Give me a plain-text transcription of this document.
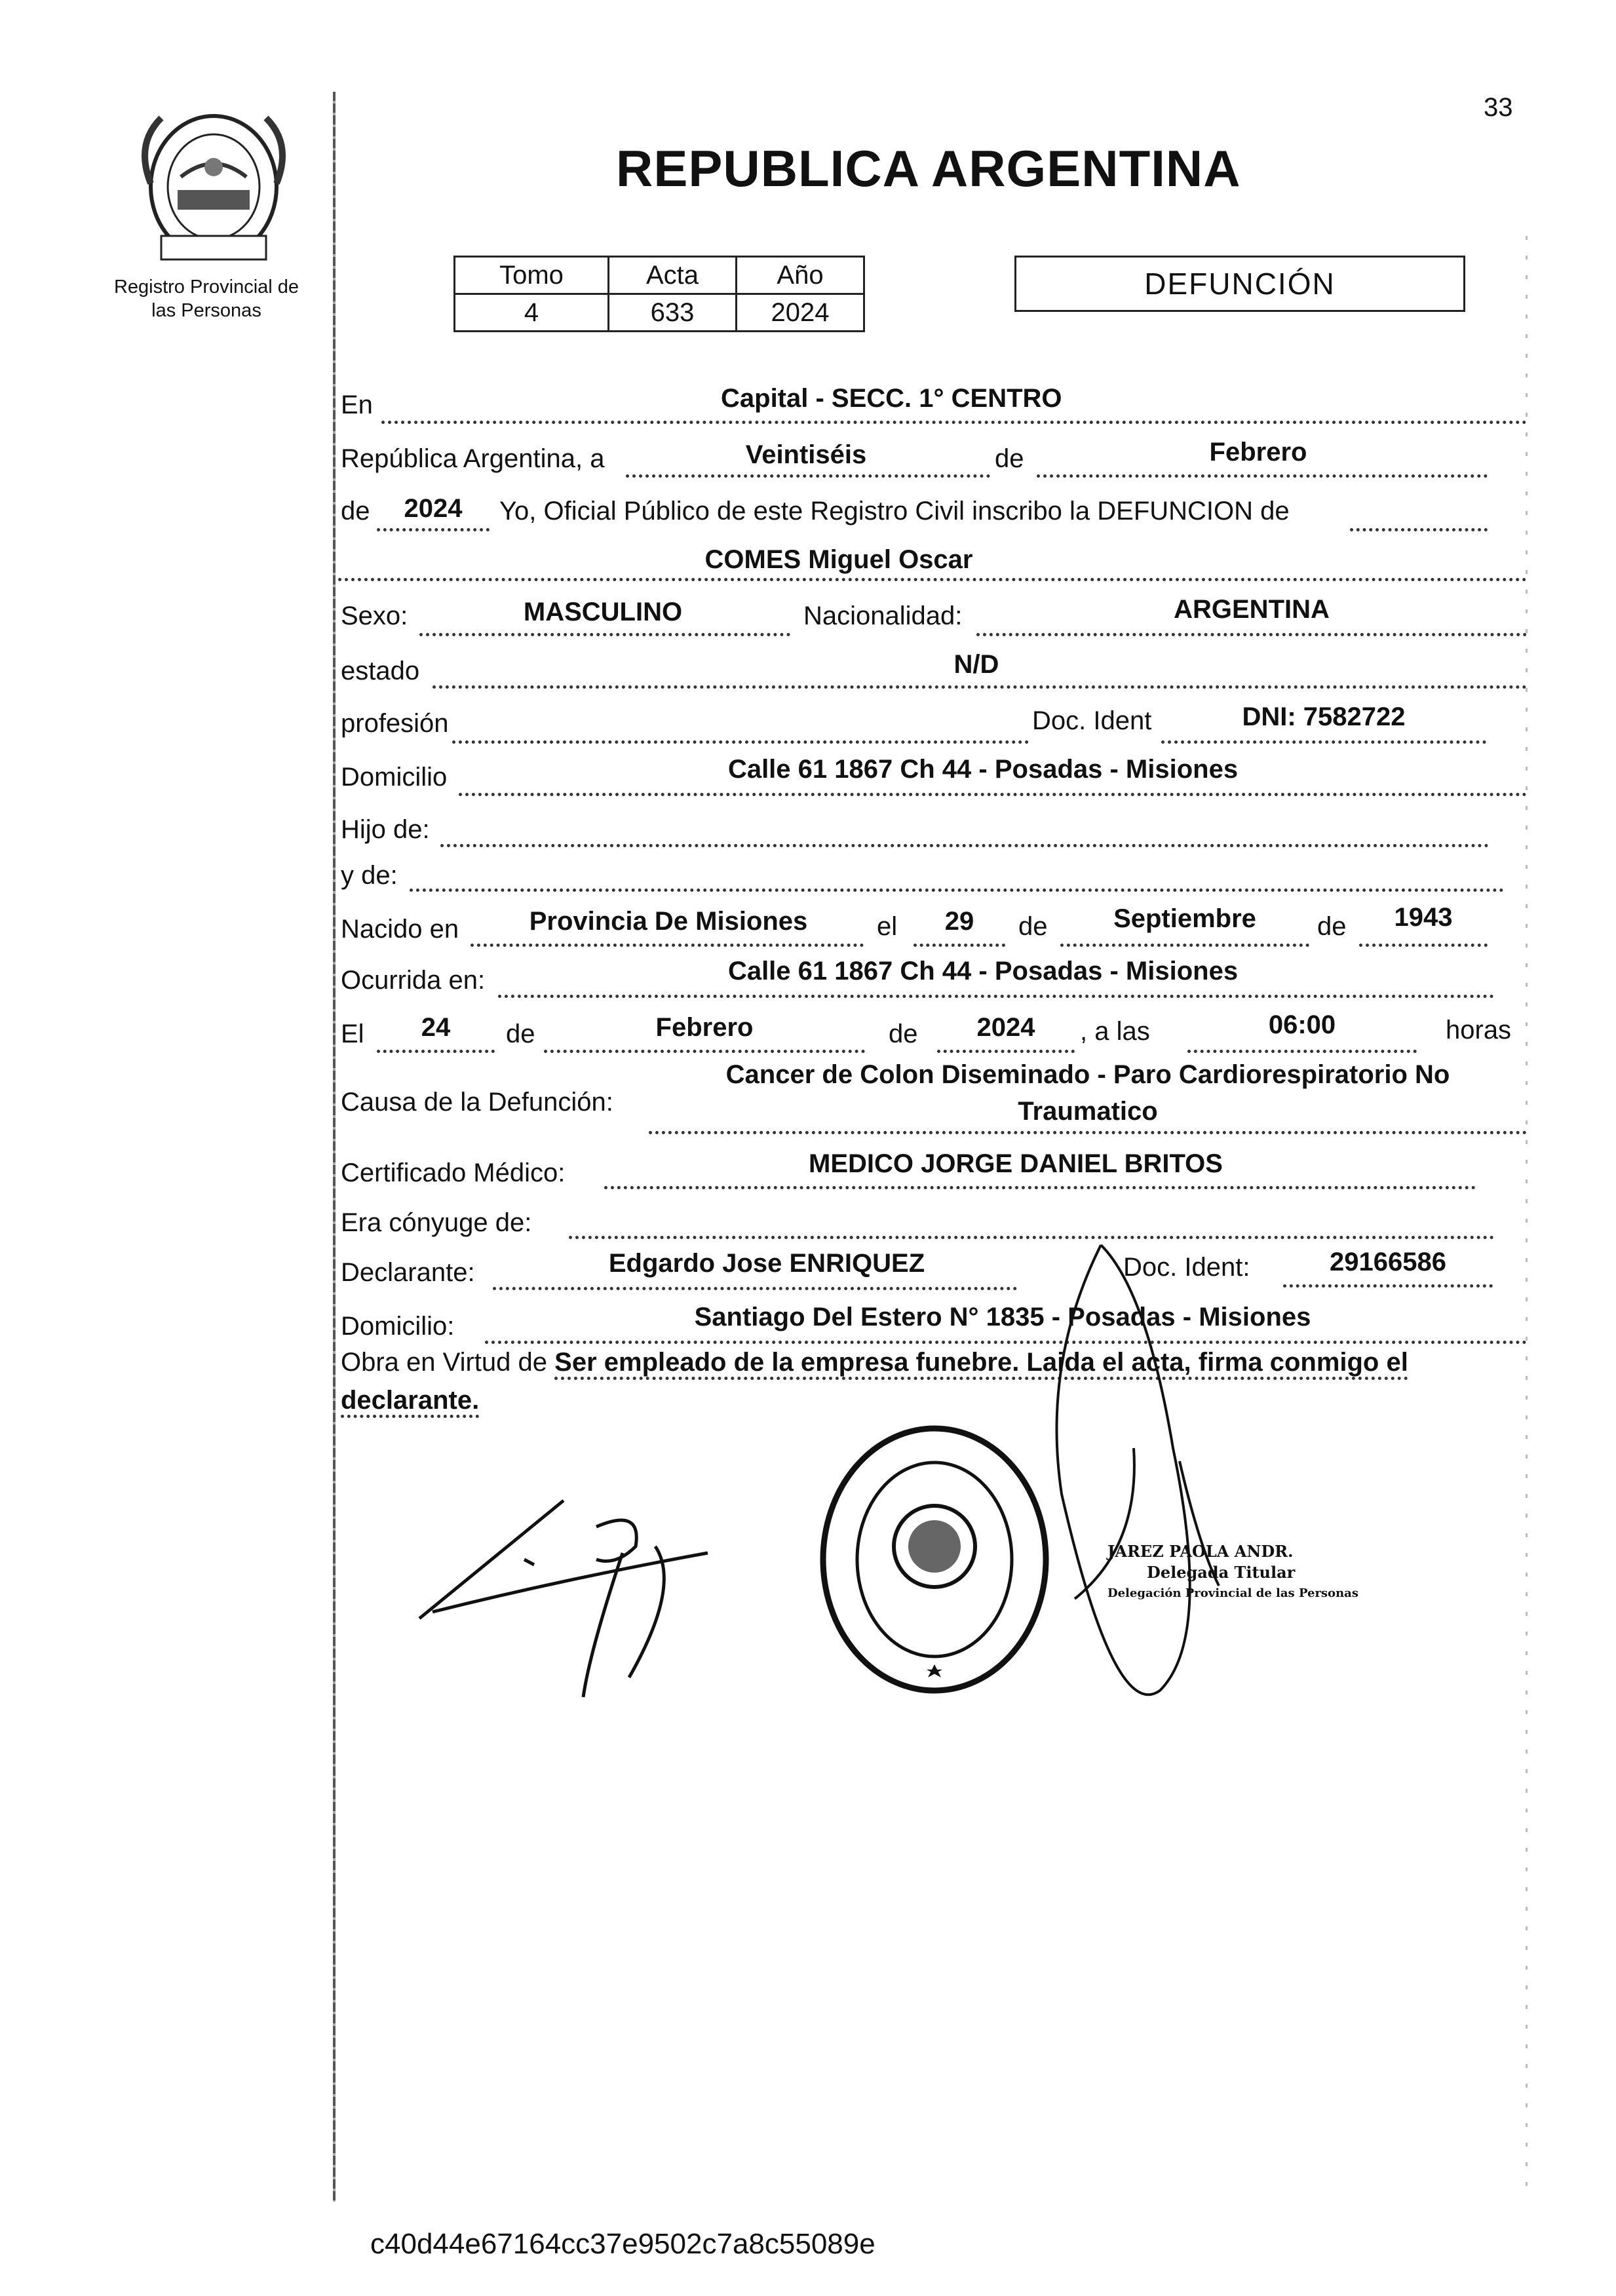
33
Registro Provincial de
las Personas
REPUBLICA ARGENTINA
Tomo	Acta	Año
4	633	2024
DEFUNCIÓN
En	Capital - SECC. 1° CENTRO
República Argentina, a	Veintiséis	de	Febrero
de	2024	Yo, Oficial Público de este Registro Civil inscribo la DEFUNCION de
COMES Miguel Oscar
Sexo:	MASCULINO	Nacionalidad:	ARGENTINA
estado	N/D
profesión	Doc. Ident	DNI: 7582722
Domicilio	Calle 61 1867 Ch 44 - Posadas - Misiones
Hijo de:
y de:
Nacido en	Provincia De Misiones	el	29	de	Septiembre	de	1943
Ocurrida en:	Calle 61 1867 Ch 44 - Posadas - Misiones
El	24	de	Febrero	de	2024	, a las	06:00	horas
Causa de la Defunción:
Cancer de Colon Diseminado - Paro Cardiorespiratorio No
Traumatico
Certificado Médico:	MEDICO JORGE DANIEL BRITOS
Era cónyuge de:
Declarante:	Edgardo Jose ENRIQUEZ	Doc. Ident:	29166586
Domicilio:	Santiago Del Estero N° 1835 - Posadas - Misiones
Obra en Virtud de Ser empleado de la empresa funebre. Laida el acta, firma conmigo el declarante.
JAREZ PAOLA ANDR.
Delegada Titular
Delegación Provincial de las Personas
c40d44e67164cc37e9502c7a8c55089e
